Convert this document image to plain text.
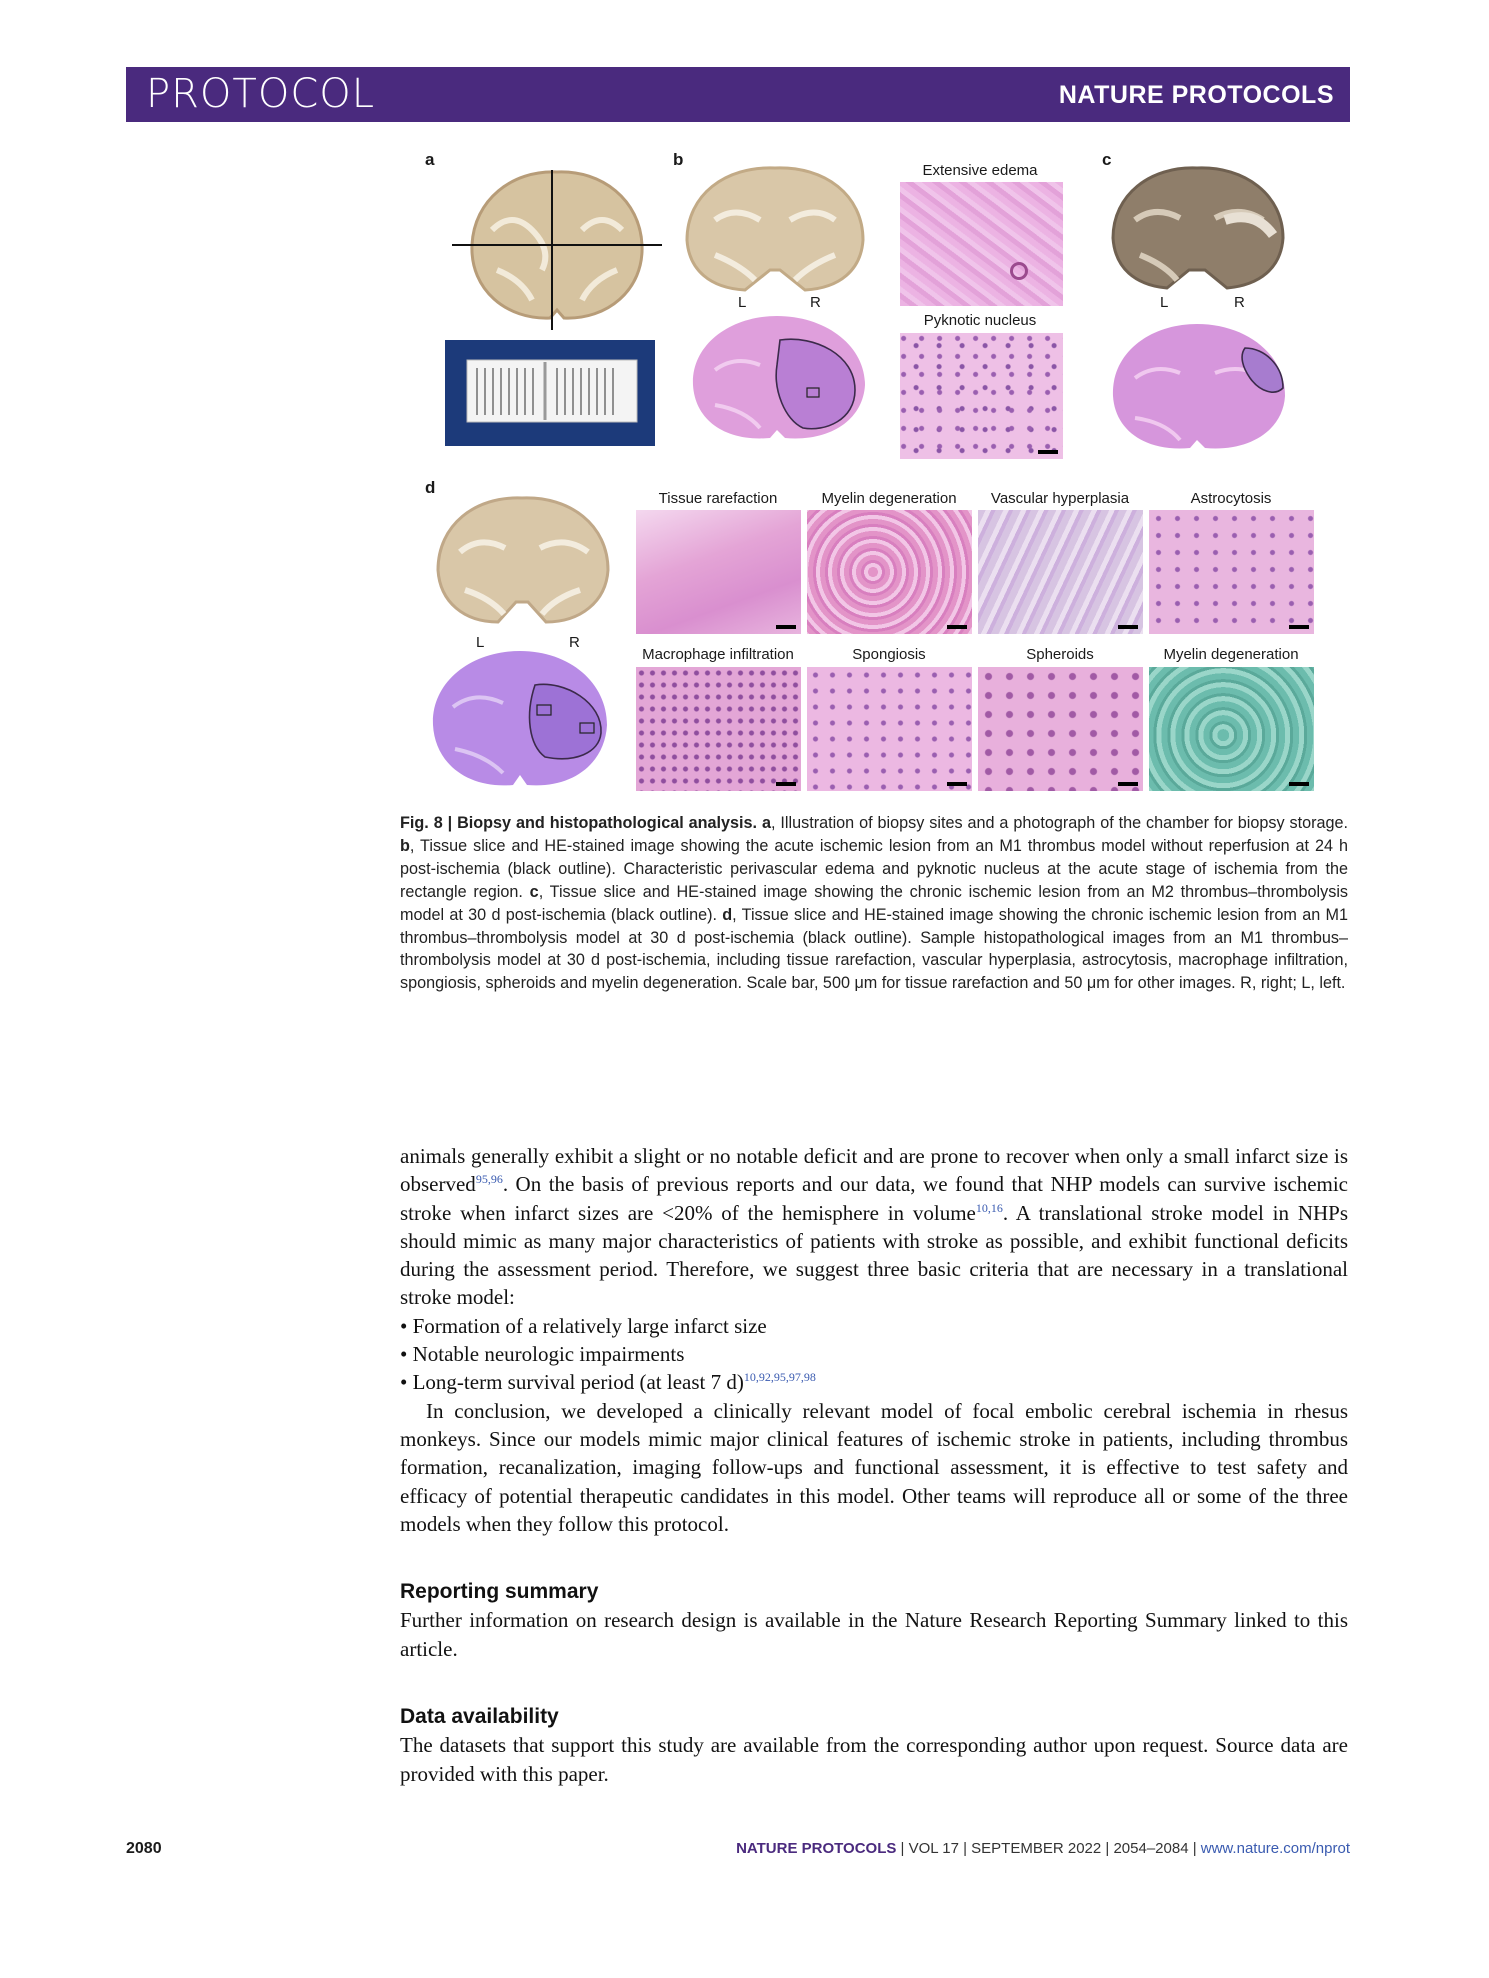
PROTOCOL	NATURE PROTOCOLS
a	b	c
d
L	R
Extensive edema
Pyknotic nucleus
L	R
L	R
Tissue rarefaction	Myelin degeneration	Vascular hyperplasia	Astrocytosis
Macrophage infiltration	Spongiosis	Spheroids	Myelin degeneration
Fig. 8 | Biopsy and histopathological analysis. a, Illustration of biopsy sites and a photograph of the chamber for biopsy storage. b, Tissue slice and HE-stained image showing the acute ischemic lesion from an M1 thrombus model without reperfusion at 24 h post-ischemia (black outline). Characteristic perivascular edema and pyknotic nucleus at the acute stage of ischemia from the rectangle region. c, Tissue slice and HE-stained image showing the chronic ischemic lesion from an M2 thrombus–thrombolysis model at 30 d post-ischemia (black outline). d, Tissue slice and HE-stained image showing the chronic ischemic lesion from an M1 thrombus–thrombolysis model at 30 d post-ischemia (black outline). Sample histopathological images from an M1 thrombus–thrombolysis model at 30 d post-ischemia, including tissue rarefaction, vascular hyperplasia, astrocytosis, macrophage infiltration, spongiosis, spheroids and myelin degeneration. Scale bar, 500 μm for tissue rarefaction and 50 μm for other images. R, right; L, left.

animals generally exhibit a slight or no notable deficit and are prone to recover when only a small infarct size is observed$^{95,96}$. On the basis of previous reports and our data, we found that NHP models can survive ischemic stroke when infarct sizes are <20% of the hemisphere in volume$^{10,16}$. A translational stroke model in NHPs should mimic as many major characteristics of patients with stroke as possible, and exhibit functional deficits during the assessment period. Therefore, we suggest three basic criteria that are necessary in a translational stroke model:

• Formation of a relatively large infarct size

• Notable neurologic impairments

• Long-term survival period (at least 7 d)$^{10,92,95,97,98}$

In conclusion, we developed a clinically relevant model of focal embolic cerebral ischemia in rhesus monkeys. Since our models mimic major clinical features of ischemic stroke in patients, including thrombus formation, recanalization, imaging follow-ups and functional assessment, it is effective to test safety and efficacy of potential therapeutic candidates in this model. Other teams will reproduce all or some of the three models when they follow this protocol.

Reporting summary

Further information on research design is available in the Nature Research Reporting Summary linked to this article.

Data availability

The datasets that support this study are available from the corresponding author upon request. Source data are provided with this paper.

2080	NATURE PROTOCOLS | VOL 17 | SEPTEMBER 2022 | 2054–2084 | www.nature.com/nprot
